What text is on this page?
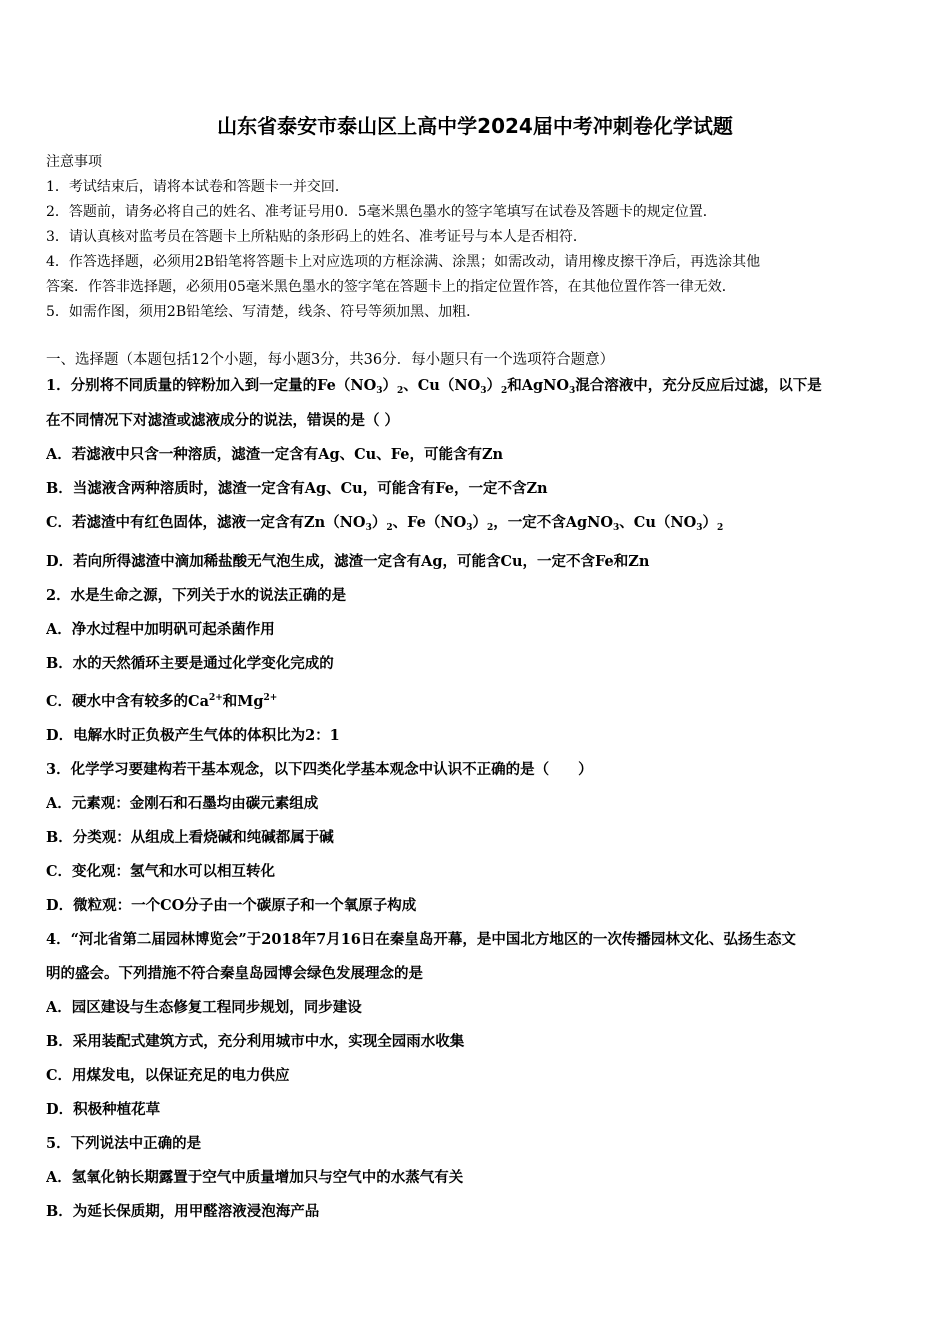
山东省泰安市泰山区上高中学2024届中考冲刺卷化学试题
注意事项
1．考试结束后，请将本试卷和答题卡一并交回．
2．答题前，请务必将自己的姓名、准考证号用0．5毫米黑色墨水的签字笔填写在试卷及答题卡的规定位置．
3．请认真核对监考员在答题卡上所粘贴的条形码上的姓名、准考证号与本人是否相符．
4．作答选择题，必须用2B铅笔将答题卡上对应选项的方框涂满、涂黑；如需改动，请用橡皮擦干净后，再选涂其他
答案．作答非选择题，必须用05毫米黑色墨水的签字笔在答题卡上的指定位置作答，在其他位置作答一律无效．
5．如需作图，须用2B铅笔绘、写清楚，线条、符号等须加黑、加粗．
一、选择题（本题包括12个小题，每小题3分，共36分．每小题只有一个选项符合题意）
1．分别将不同质量的锌粉加入到一定量的$Fe(NO_3)_2$、$Cu(NO_3)_2$和AgNO$_3$混合溶液中，充分反应后过滤，以下是
在不同情况下对滤渣或滤液成分的说法，错误的是（ ）
A．若滤液中只含一种溶质，滤渣一定含有Ag、Cu、Fe，可能含有Zn
B．当滤液含两种溶质时，滤渣一定含有Ag、Cu，可能含有Fe，一定不含Zn
C．若滤渣中有红色固体，滤液一定含有$Zn(NO_3)_2$、$Fe(NO_3)_2$，一定不含AgNO$_3$、$Cu(NO_3)_2$
D．若向所得滤渣中滴加稀盐酸无气泡生成，滤渣一定含有Ag，可能含Cu，一定不含Fe和Zn
2．水是生命之源，下列关于水的说法正确的是
A．净水过程中加明矾可起杀菌作用
B．水的天然循环主要是通过化学变化完成的
C．硬水中含有较多的$Ca^{2+}$和$Mg^{2+}$
D．电解水时正负极产生气体的体积比为2：1
3．化学学习要建构若干基本观念，以下四类化学基本观念中认识不正确的是（　　）
A．元素观：金刚石和石墨均由碳元素组成
B．分类观：从组成上看烧碱和纯碱都属于碱
C．变化观：氢气和水可以相互转化
D．微粒观：一个CO分子由一个碳原子和一个氧原子构成
4．“河北省第二届园林博览会”于2018年7月16日在秦皇岛开幕，是中国北方地区的一次传播园林文化、弘扬生态文
明的盛会。下列措施不符合秦皇岛园博会绿色发展理念的是
A．园区建设与生态修复工程同步规划，同步建设
B．采用装配式建筑方式，充分利用城市中水，实现全园雨水收集
C．用煤发电，以保证充足的电力供应
D．积极种植花草
5．下列说法中正确的是
A．氢氧化钠长期露置于空气中质量增加只与空气中的水蒸气有关
B．为延长保质期，用甲醛溶液浸泡海产品
